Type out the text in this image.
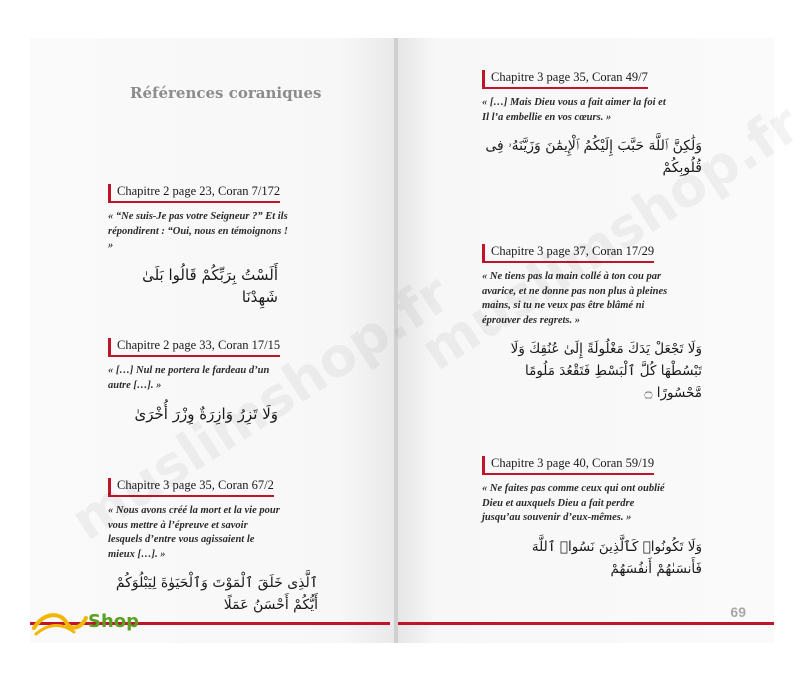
Références coraniques
Chapitre 2 page 23, Coran 7/172
« “Ne suis-Je pas votre Seigneur ?” Et ils répondirent : “Oui, nous en témoignons ! »
أَلَسْتُ بِرَبِّكُمْ قَالُوا بَلَىٰ شَهِدْنَا
Chapitre 2 page 33, Coran 17/15
« […] Nul ne portera le fardeau d’un autre […]. »
وَلَا تَزِرُ وَازِرَةٌ وِزْرَ أُخْرَىٰ
Chapitre 3 page 35, Coran 67/2
« Nous avons créé la mort et la vie pour vous mettre à l’épreuve et savoir lesquels d’entre vous agissaient le mieux […]. »
ٱلَّذِى خَلَقَ ٱلْمَوْتَ وَٱلْحَيَوٰةَ لِيَبْلُوَكُمْ أَيُّكُمْ أَحْسَنُ عَمَلًا
Chapitre 3 page 35, Coran 49/7
« […] Mais Dieu vous a fait aimer la foi et Il l’a embellie en vos cœurs. »
وَلَٰكِنَّ ٱللَّهَ حَبَّبَ إِلَيْكُمُ ٱلْإِيمَٰنَ وَزَيَّنَهُۥ فِى قُلُوبِكُمْ
Chapitre 3 page 37, Coran 17/29
« Ne tiens pas la main collé à ton cou par avarice, et ne donne pas non plus à pleines mains, si tu ne veux pas être blâmé ni éprouver des regrets. »
وَلَا تَجْعَلْ يَدَكَ مَغْلُولَةً إِلَىٰ عُنُقِكَ وَلَا تَبْسُطْهَا كُلَّ ٱلْبَسْطِ فَتَقْعُدَ مَلُومًا مَّحْسُورًا ۝
Chapitre 3 page 40, Coran 59/19
« Ne faites pas comme ceux qui ont oublié Dieu et auxquels Dieu a fait perdre jusqu’au souvenir d’eux-mêmes. »
وَلَا تَكُونُوا۟ كَٱلَّذِينَ نَسُوا۟ ٱللَّهَ فَأَنسَىٰهُمْ أَنفُسَهُمْ
69
Shop
